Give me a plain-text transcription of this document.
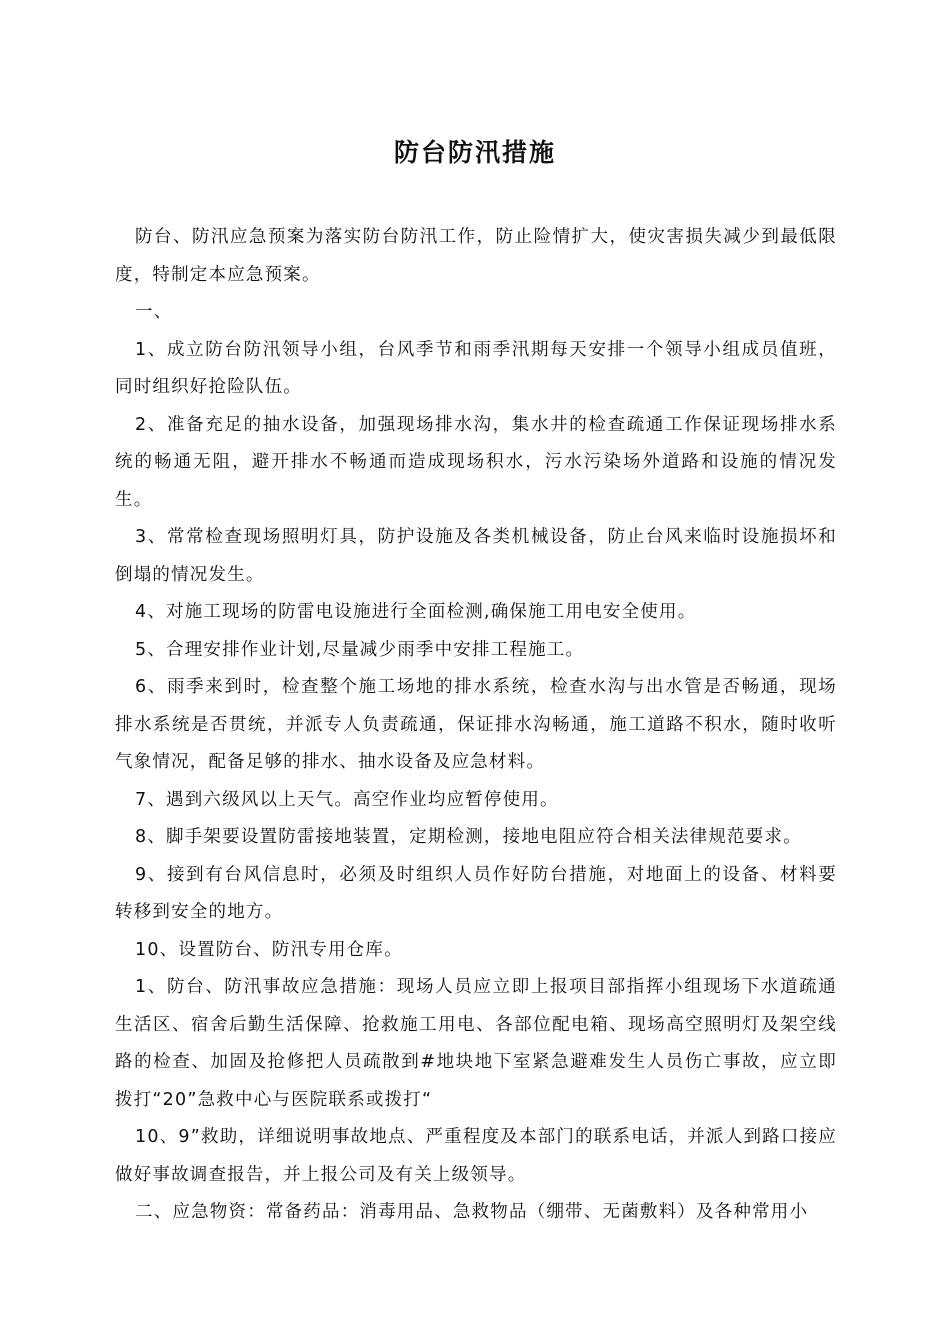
防台防汛措施

防台、防汛应急预案为落实防台防汛工作，防止险情扩大，使灾害损失减少到最低限度，特制定本应急预案。

一、

1、成立防台防汛领导小组，台风季节和雨季汛期每天安排一个领导小组成员值班，同时组织好抢险队伍。

2、准备充足的抽水设备，加强现场排水沟，集水井的检查疏通工作保证现场排水系统的畅通无阻，避开排水不畅通而造成现场积水，污水污染场外道路和设施的情况发生。

3、常常检查现场照明灯具，防护设施及各类机械设备，防止台风来临时设施损坏和倒塌的情况发生。

4、对施工现场的防雷电设施进行全面检测,确保施工用电安全使用。

5、合理安排作业计划,尽量减少雨季中安排工程施工。

6、雨季来到时，检查整个施工场地的排水系统，检查水沟与出水管是否畅通，现场排水系统是否贯统，并派专人负责疏通，保证排水沟畅通，施工道路不积水，随时收听气象情况，配备足够的排水、抽水设备及应急材料。

7、遇到六级风以上天气。高空作业均应暂停使用。

8、脚手架要设置防雷接地装置，定期检测，接地电阻应符合相关法律规范要求。

9、接到有台风信息时，必须及时组织人员作好防台措施，对地面上的设备、材料要转移到安全的地方。

10、设置防台、防汛专用仓库。

1、防台、防汛事故应急措施：现场人员应立即上报项目部指挥小组现场下水道疏通生活区、宿舍后勤生活保障、抢救施工用电、各部位配电箱、现场高空照明灯及架空线路的检查、加固及抢修把人员疏散到#地块地下室紧急避难发生人员伤亡事故，应立即拨打“20”急救中心与医院联系或拨打“

10、9”救助，详细说明事故地点、严重程度及本部门的联系电话，并派人到路口接应做好事故调查报告，并上报公司及有关上级领导。

二、应急物资：常备药品：消毒用品、急救物品（绷带、无菌敷料）及各种常用小
